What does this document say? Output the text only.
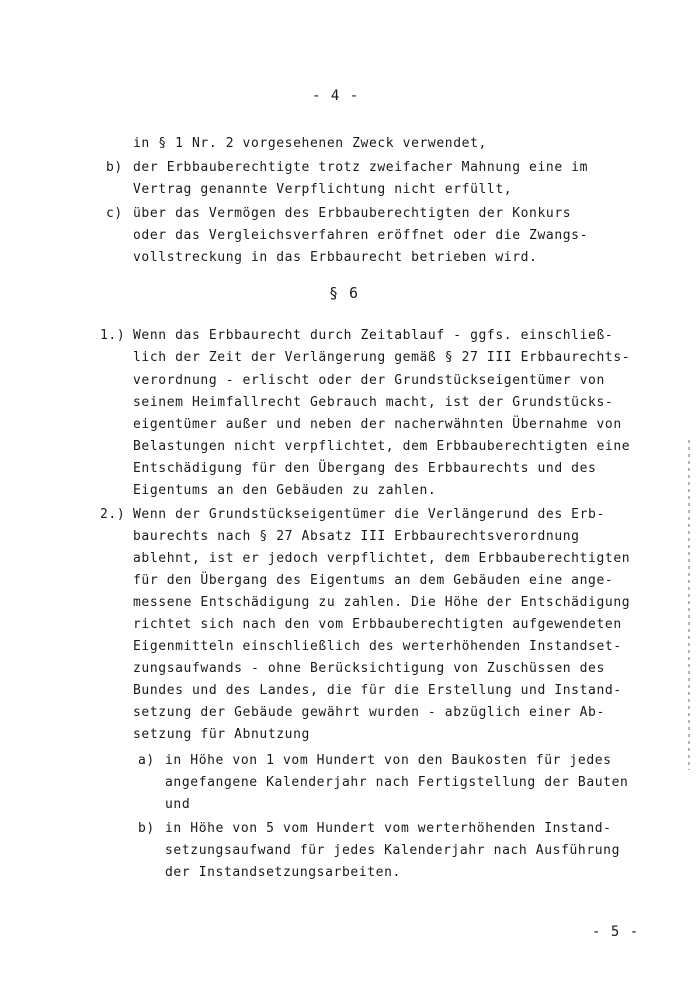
- 4 -
in § 1 Nr. 2 vorgesehenen Zweck verwendet,
b) der Erbbauberechtigte trotz zweifacher Mahnung eine im
Vertrag genannte Verpflichtung nicht erfüllt,
c) über das Vermögen des Erbbauberechtigten der Konkurs
oder das Vergleichsverfahren eröffnet oder die Zwangs-
vollstreckung in das Erbbaurecht betrieben wird.
§ 6
1.) Wenn das Erbbaurecht durch Zeitablauf - ggfs. einschließ-
lich der Zeit der Verlängerung gemäß § 27 III Erbbaurechts-
verordnung - erlischt oder der Grundstückseigentümer von
seinem Heimfallrecht Gebrauch macht, ist der Grundstücks-
eigentümer außer und neben der nacherwähnten Übernahme von
Belastungen nicht verpflichtet, dem Erbbauberechtigten eine
Entschädigung für den Übergang des Erbbaurechts und des
Eigentums an den Gebäuden zu zahlen.
2.) Wenn der Grundstückseigentümer die Verlängerund des Erb-
baurechts nach § 27 Absatz III Erbbaurechtsverordnung
ablehnt, ist er jedoch verpflichtet, dem Erbbauberechtigten
für den Übergang des Eigentums an dem Gebäuden eine ange-
messene Entschädigung zu zahlen. Die Höhe der Entschädigung
richtet sich nach den vom Erbbauberechtigten aufgewendeten
Eigenmitteln einschließlich des werterhöhenden Instandset-
zungsaufwands - ohne Berücksichtigung von Zuschüssen des
Bundes und des Landes, die für die Erstellung und Instand-
setzung der Gebäude gewährt wurden - abzüglich einer Ab-
setzung für Abnutzung
a) in Höhe von 1 vom Hundert von den Baukosten für jedes
angefangene Kalenderjahr nach Fertigstellung der Bauten
und
b) in Höhe von 5 vom Hundert vom werterhöhenden Instand-
setzungsaufwand für jedes Kalenderjahr nach Ausführung
der Instandsetzungsarbeiten.
- 5 -
